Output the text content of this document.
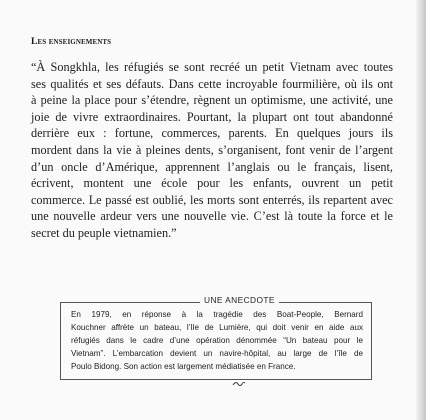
Les enseignements
“À Songkhla, les réfugiés se sont recréé un petit Vietnam avec toutes
ses qualités et ses défauts. Dans cette incroyable fourmilière, où ils ont
à peine la place pour s’étendre, règnent un optimisme, une activité, une
joie de vivre extraordinaires. Pourtant, la plupart ont tout abandonné
derrière eux : fortune, commerces, parents. En quelques jours ils
mordent dans la vie à pleines dents, s’organisent, font venir de l’argent
d’un oncle d’Amérique, apprennent l’anglais ou le français, lisent,
écrivent, montent une école pour les enfants, ouvrent un petit
commerce. Le passé est oublié, les morts sont enterrés, ils repartent avec
une nouvelle ardeur vers une nouvelle vie. C’est là toute la force et le
secret du peuple vietnamien.”
UNE ANECDOTE
En 1979, en réponse à la tragédie des Boat-People, Bernard
Kouchner affrète un bateau, l’Ile de Lumière, qui doit venir en aide aux
réfugiés dans le cadre d’une opération dénommée “Un bateau pour le
Vietnam”. L’embarcation devient un navire-hôpital, au large de l’île de
Poulo Bidong. Son action est largement médiatisée en France.
